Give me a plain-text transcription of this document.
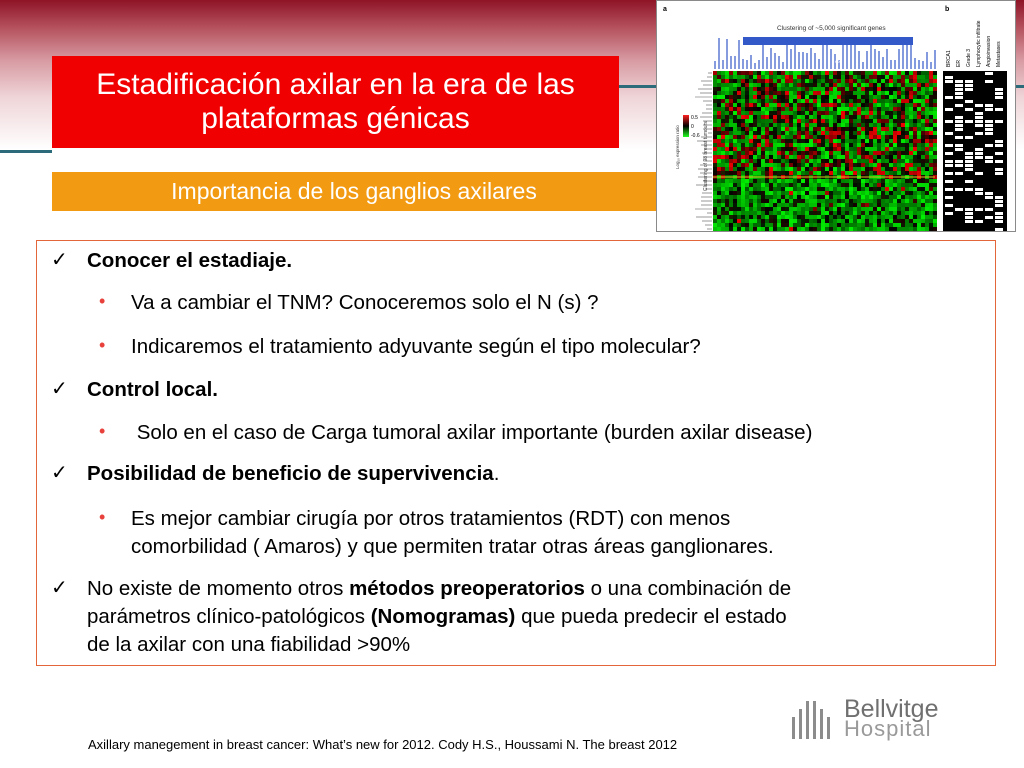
Estadificación axilar en la era de las plataformas génicas
Importancia de los ganglios axilares
a	b
Clustering of ~5,000 significant genes
000
0.5
0
-0.6
Log₁₀ expression ratio	Clustering of 98 breast tumours
BRCA1 ER Grade 3 Lymphocytic infiltrate Angioinvasion Metastases
✓ Conocer el estadiaje.
• Va a cambiar el TNM? Conoceremos solo el N (s) ?
• Indicaremos el tratamiento adyuvante según el tipo molecular?
✓ Control local.
• Solo en el caso de Carga tumoral axilar importante (burden axilar disease)
✓ Posibilidad de beneficio de supervivencia.
• Es mejor cambiar cirugía por otros tratamientos (RDT) con menos
comorbilidad ( Amaros) y que permiten tratar otras áreas ganglionares.
✓ No existe de momento otros métodos preoperatorios o una combinación de
parámetros clínico-patológicos (Nomogramas) que pueda predecir el estado
de la axilar con una fiabilidad >90%
Axillary manegement in breast cancer: What’s new for 2012. Cody H.S., Houssami N. The breast 2012
Bellvitge
Hospital
